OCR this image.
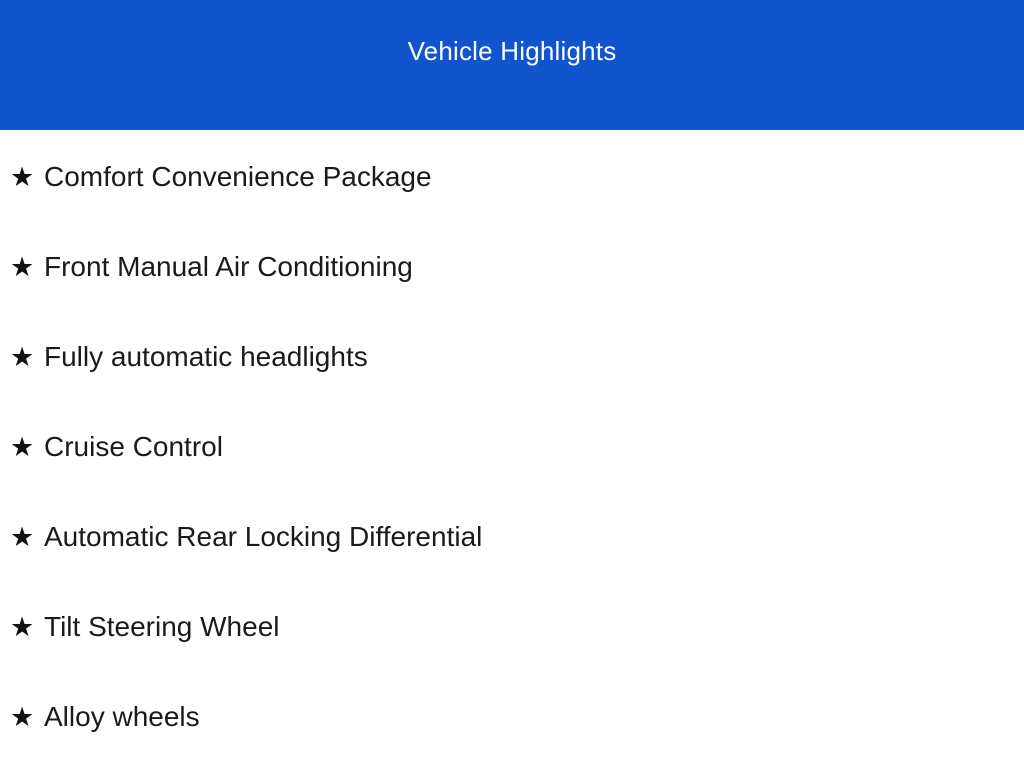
Vehicle Highlights
★ Comfort Convenience Package
★ Front Manual Air Conditioning
★ Fully automatic headlights
★ Cruise Control
★ Automatic Rear Locking Differential
★ Tilt Steering Wheel
★ Alloy wheels
